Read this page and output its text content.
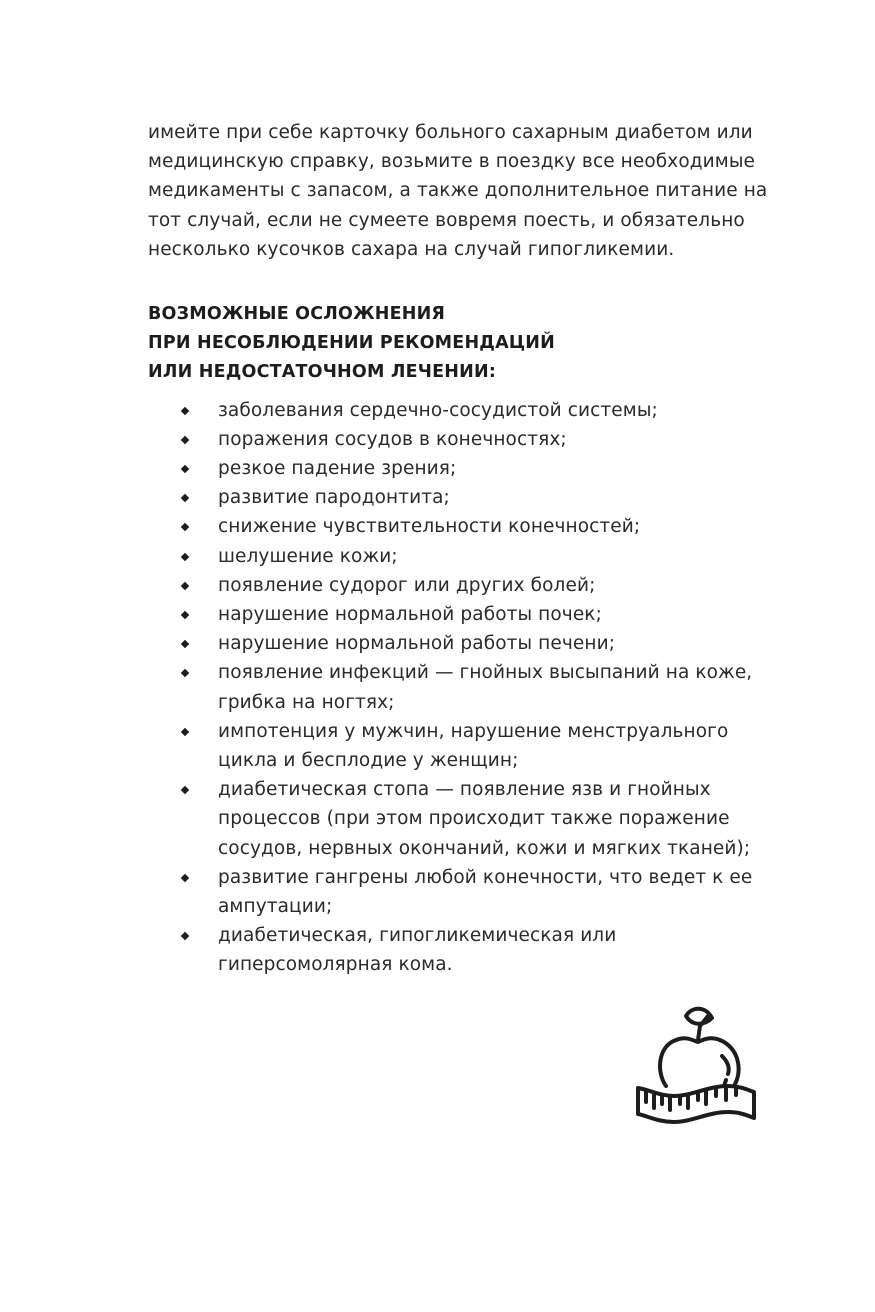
имейте при себе карточку больного сахарным диабетом или медицинскую справку, возьмите в поездку все необходимые медикаменты с запасом, а также дополнительное питание на тот случай, если не сумеете вовремя поесть, и обязательно несколько кусочков сахара на случай гипогликемии.

ВОЗМОЖНЫЕ ОСЛОЖНЕНИЯ
ПРИ НЕСОБЛЮДЕНИИ РЕКОМЕНДАЦИЙ
ИЛИ НЕДОСТАТОЧНОМ ЛЕЧЕНИИ:
заболевания сердечно-сосудистой системы;
поражения сосудов в конечностях;
резкое падение зрения;
развитие пародонтита;
снижение чувствительности конечностей;
шелушение кожи;
появление судорог или других болей;
нарушение нормальной работы почек;
нарушение нормальной работы печени;
появление инфекций — гнойных высыпаний на коже, грибка на ногтях;
импотенция у мужчин, нарушение менструального цикла и бесплодие у женщин;
диабетическая стопа — появление язв и гнойных процессов (при этом происходит также поражение сосудов, нервных окончаний, кожи и мягких тканей);
развитие гангрены любой конечности, что ведет к ее ампутации;
диабетическая, гипогликемическая или гиперсомолярная кома.
